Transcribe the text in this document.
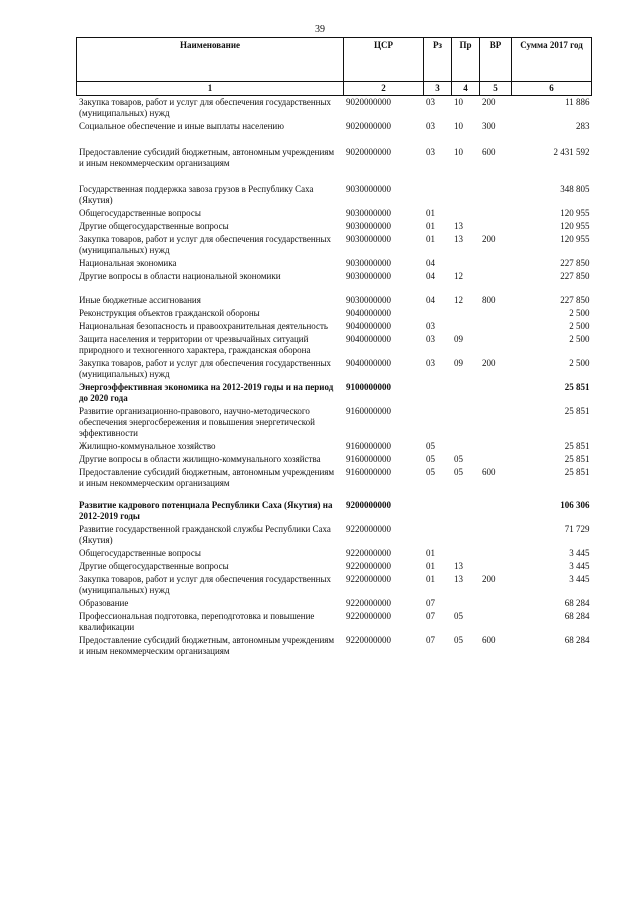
39
Наименование	ЦСР	Рз	Пр	ВР	Сумма 2017 год
1	2	3	4	5	6
Закупка товаров, работ и услуг для обеспечения государственных (муниципальных) нужд	9020000000	03	10	200	11 886
Социальное обеспечение и иные выплаты населению	9020000000	03	10	300	283
Предоставление субсидий бюджетным, автономным учреждениям и иным некоммерческим организациям	9020000000	03	10	600	2 431 592
Государственная поддержка завоза грузов в Республику Саха (Якутия)	9030000000				348 805
Общегосударственные вопросы	9030000000	01			120 955
Другие общегосударственные вопросы	9030000000	01	13		120 955
Закупка товаров, работ и услуг для обеспечения государственных (муниципальных) нужд	9030000000	01	13	200	120 955
Национальная экономика	9030000000	04			227 850
Другие вопросы в области национальной экономики	9030000000	04	12		227 850
Иные бюджетные ассигнования	9030000000	04	12	800	227 850
Реконструкция объектов гражданской обороны	9040000000				2 500
Национальная безопасность и правоохранительная деятельность	9040000000	03			2 500
Защита населения и территории от чрезвычайных ситуаций природного и техногенного характера, гражданская оборона	9040000000	03	09		2 500
Закупка товаров, работ и услуг для обеспечения государственных (муниципальных) нужд	9040000000	03	09	200	2 500
Энергоэффективная экономика на 2012-2019 годы и на период до 2020 года	9100000000				25 851
Развитие организационно-правового, научно-методического обеспечения энергосбережения и повышения энергетической эффективности	9160000000				25 851
Жилищно-коммунальное хозяйство	9160000000	05			25 851
Другие вопросы в области жилищно-коммунального хозяйства	9160000000	05	05		25 851
Предоставление субсидий бюджетным, автономным учреждениям и иным некоммерческим организациям	9160000000	05	05	600	25 851
Развитие кадрового потенциала Республики Саха (Якутия) на 2012-2019 годы	9200000000				106 306
Развитие государственной гражданской службы Республики Саха (Якутия)	9220000000				71 729
Общегосударственные вопросы	9220000000	01			3 445
Другие общегосударственные вопросы	9220000000	01	13		3 445
Закупка товаров, работ и услуг для обеспечения государственных (муниципальных) нужд	9220000000	01	13	200	3 445
Образование	9220000000	07			68 284
Профессиональная подготовка, переподготовка и повышение квалификации	9220000000	07	05		68 284
Предоставление субсидий бюджетным, автономным учреждениям и иным некоммерческим организациям	9220000000	07	05	600	68 284
